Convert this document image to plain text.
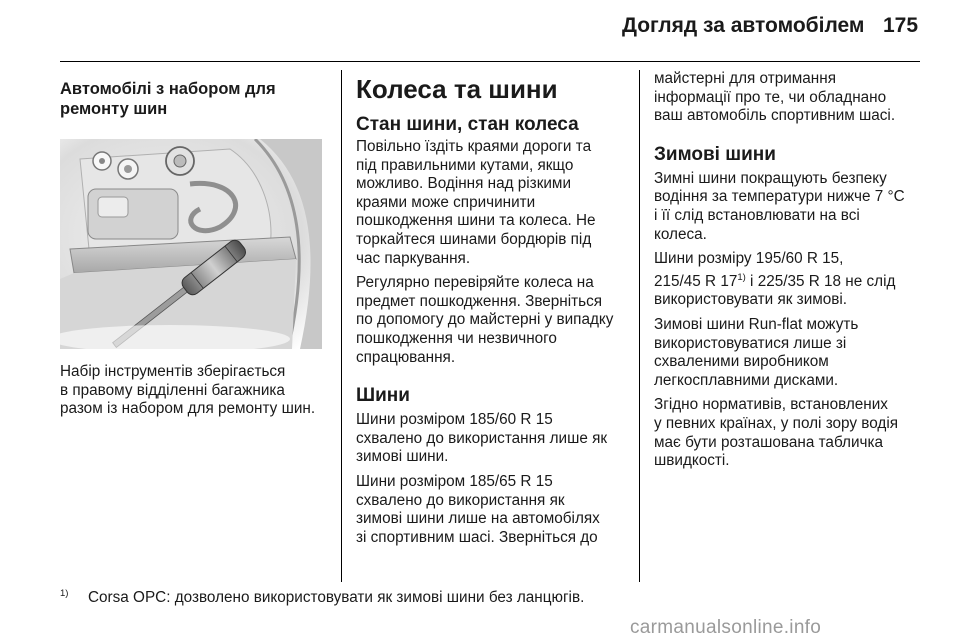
Догляд за автомобілем 175
Автомобілі з набором для
ремонту шин

Набір інструментів зберігається
в правому відділенні багажника
разом із набором для ремонту шин.

Колеса та шини
Стан шини, стан колеса

Повільно їздіть краями дороги та
під правильними кутами, якщо
можливо. Водіння над різкими
краями може спричинити
пошкодження шини та колеса. Не
торкайтеся шинами бордюрів під
час паркування.

Регулярно перевіряйте колеса на
предмет пошкодження. Зверніться
по допомогу до майстерні у випадку
пошкодження чи незвичного
спрацювання.

Шини

Шини розміром 185/60 R 15
схвалено до використання лише як
зимові шини.

Шини розміром 185/65 R 15
схвалено до використання як
зимові шини лише на автомобілях
зі спортивним шасі. Зверніться до

майстерні для отримання
інформації про те, чи обладнано
ваш автомобіль спортивним шасі.

Зимові шини

Зимні шини покращують безпеку
водіння за температури нижче 7 °C
і її слід встановлювати на всі
колеса.

Шини розміру 195/60 R 15,
215/45 R 17$^{1)}$ і 225/35 R 18 не слід
використовувати як зимові.

Зимові шини Run-flat можуть
використовуватися лише зі
схваленими виробником
легкосплавними дисками.

Згідно нормативів, встановлених
у певних країнах, у полі зору водія
має бути розташована табличка
швидкості.

1) Corsa OPC: дозволено використовувати як зимові шини без ланцюгів.
carmanualsonline.info
